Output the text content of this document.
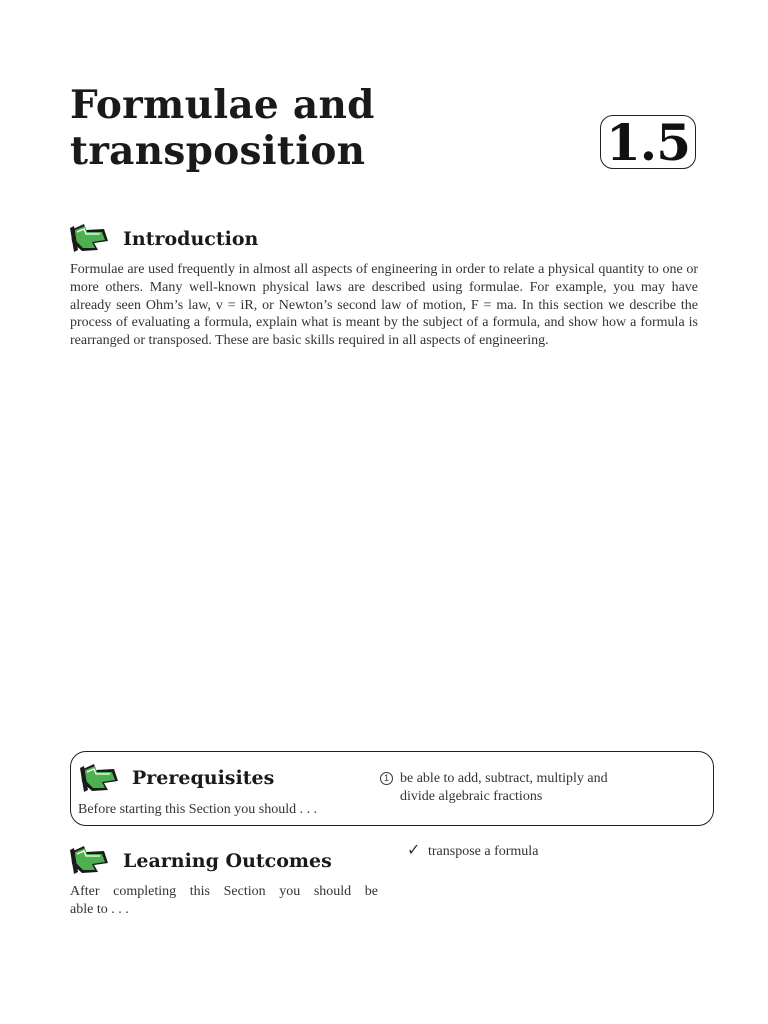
Formulae and
transposition	1.5
Introduction
Formulae are used frequently in almost all aspects of engineering in order to relate a physical quantity to one or more others. Many well-known physical laws are described using formulae. For example, you may have already seen Ohm’s law, v = iR, or Newton’s second law of motion, F = ma. In this section we describe the process of evaluating a formula, explain what is meant by the subject of a formula, and show how a formula is rearranged or transposed. These are basic skills required in all aspects of engineering.
Prerequisites
Before starting this Section you should . . .
1 be able to add, subtract, multiply and
divide algebraic fractions
Learning Outcomes
After completing this Section you should be
able to . . .
✓ transpose a formula
